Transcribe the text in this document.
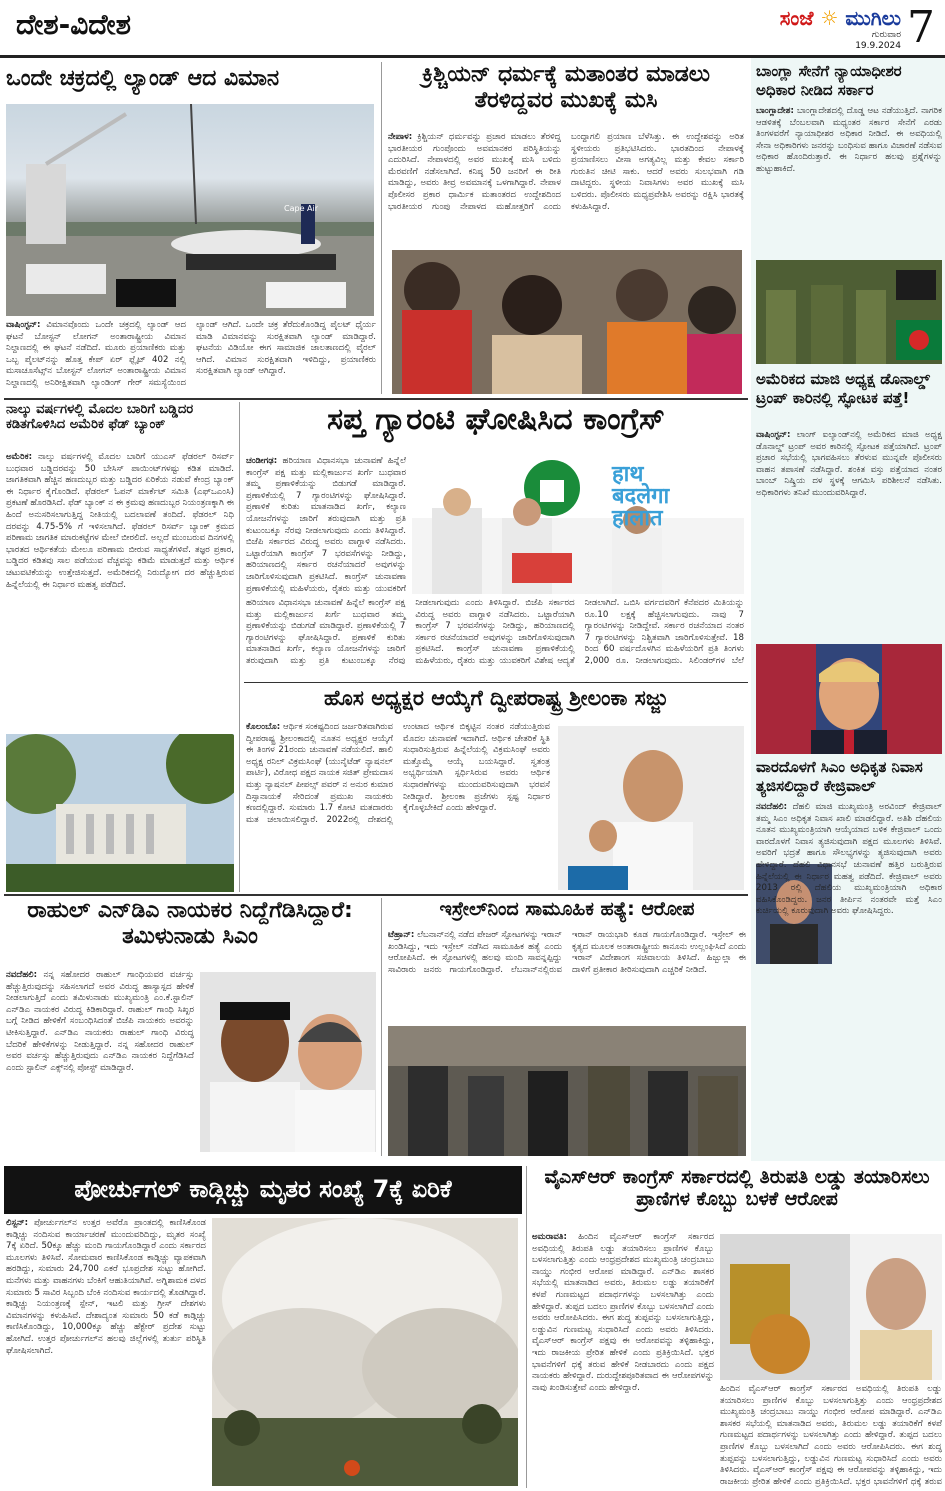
ದೇಶ-ವಿದೇಶ	ಸಂಜೆ ☼ ಮುಗಿಲು
ಗುರುವಾರ
19.9.2024 7
ಒಂದೇ ಚಕ್ರದಲ್ಲಿ ಲ್ಯಾಂಡ್ ಆದ ವಿಮಾನ
Cape Air
ವಾಷಿಂಗ್ಟನ್: ವಿಮಾನವೊಂದು ಒಂದೇ ಚಕ್ರದಲ್ಲಿ ಲ್ಯಾಂಡ್ ಆದ ಘಟನೆ ಬೋಸ್ಟನ್ ಲೋಗನ್ ಅಂತಾರಾಷ್ಟ್ರೀಯ ವಿಮಾನ ನಿಲ್ದಾಣದಲ್ಲಿ ಈ ಘಟನೆ ನಡೆದಿದೆ. ಮೂರು ಪ್ರಯಾಣಿಕರು ಮತ್ತು ಒಬ್ಬ ಪೈಲಟ್‌ನನ್ನು ಹೊತ್ತ ಕೇಪ್ ಏರ್ ಫ್ಲೈಟ್ 402 ನಲ್ಲಿ ಮಸಾಚೂಸೆಟ್ಸ್‌ನ ಬೋಸ್ಟನ್ ಲೋಗನ್ ಅಂತಾರಾಷ್ಟ್ರೀಯ ವಿಮಾನ ನಿಲ್ದಾಣದಲ್ಲಿ ಅನಿರೀಕ್ಷಿತವಾಗಿ ಲ್ಯಾಂಡಿಂಗ್ ಗೇರ್ ಸಮಸ್ಯೆಯಿಂದ ಲ್ಯಾಂಡ್ ಆಗಿದೆ. ಒಂದೇ ಚಕ್ರ ತೆರೆದುಕೊಂಡಿದ್ದ ಪೈಲಟ್ ಧೈರ್ಯ ಮಾಡಿ ವಿಮಾನವನ್ನು ಸುರಕ್ಷಿತವಾಗಿ ಲ್ಯಾಂಡ್ ಮಾಡಿದ್ದಾರೆ. ಘಟನೆಯ ವಿಡಿಯೋ ಈಗ ಸಾಮಾಜಿಕ ಜಾಲತಾಣದಲ್ಲಿ ವೈರಲ್ ಆಗಿದೆ. ವಿಮಾನ ಸುರಕ್ಷಿತವಾಗಿ ಇಳಿದಿದ್ದು, ಪ್ರಯಾಣಿಕರು ಸುರಕ್ಷಿತವಾಗಿ ಲ್ಯಾಂಡ್ ಆಗಿದ್ದಾರೆ.
ಕ್ರಿಶ್ಚಿಯನ್ ಧರ್ಮಕ್ಕೆ ಮತಾಂತರ ಮಾಡಲು ತೆರಳಿದ್ದವರ ಮುಖಕ್ಕೆ ಮಸಿ
ನೇಪಾಳ: ಕ್ರಿಶ್ಚಿಯನ್ ಧರ್ಮವನ್ನು ಪ್ರಚಾರ ಮಾಡಲು ತೆರಳಿದ್ದ ಭಾರತೀಯರ ಗುಂಪೊಂದು ಅವಮಾನಕರ ಪರಿಸ್ಥಿತಿಯನ್ನು ಎದುರಿಸಿದೆ. ನೇಪಾಳದಲ್ಲಿ ಅವರ ಮುಖಕ್ಕೆ ಮಸಿ ಬಳಿದು ಮೆರವಣಿಗೆ ನಡೆಸಲಾಗಿದೆ. ಕನಿಷ್ಠ 50 ಜನರಿಗೆ ಈ ರೀತಿ ಮಾಡಿದ್ದು, ಅವರು ತೀವ್ರ ಅವಮಾನಕ್ಕೆ ಒಳಗಾಗಿದ್ದಾರೆ. ನೇಪಾಳ ಪೊಲೀಸರ ಪ್ರಕಾರ ಧಾರ್ಮಿಕ ಮತಾಂತರದ ಉದ್ದೇಶದಿಂದ ಭಾರತೀಯರ ಗುಂಪು ನೇಪಾಳದ ಮಹೋತ್ತರಿಗೆ ಎಂದು ಬಂದ್ದಾಗಲಿ ಪ್ರಯಾಣ ಬೆಳೆಸಿತ್ತು. ಈ ಉದ್ದೇಶವನ್ನು ಅರಿತ ಸ್ಥಳೀಯರು ಪ್ರತಿಭಟಿಸಿದರು. ಭಾರತದಿಂದ ನೇಪಾಳಕ್ಕೆ ಪ್ರಯಾಣಿಸಲು ವೀಸಾ ಅಗತ್ಯವಿಲ್ಲ ಮತ್ತು ಕೇವಲ ಸರ್ಕಾರಿ ಗುರುತಿನ ಚೀಟಿ ಸಾಕು. ಆದರೆ ಅವರು ಸುಲಭವಾಗಿ ಗಡಿ ದಾಟಿದ್ದರು. ಸ್ಥಳೀಯ ನಿವಾಸಿಗಳು ಅವರ ಮುಖಕ್ಕೆ ಮಸಿ ಬಳಿದರು. ಪೊಲೀಸರು ಮಧ್ಯಪ್ರವೇಶಿಸಿ ಅವರನ್ನು ರಕ್ಷಿಸಿ ಭಾರತಕ್ಕೆ ಕಳುಹಿಸಿದ್ದಾರೆ.
ಬಾಂಗ್ಲಾ ಸೇನೆಗೆ ನ್ಯಾಯಾಧೀಶರ ಅಧಿಕಾರ ನೀಡಿದ ಸರ್ಕಾರ
ಬಾಂಗ್ಲಾದೇಶ: ಬಾಂಗ್ಲಾದೇಶದಲ್ಲಿ ದೊಡ್ಡ ಆಟ ನಡೆಯುತ್ತಿದೆ. ನಾಗರಿಕ ಆಡಳಿತಕ್ಕೆ ಬೆಂಬಲವಾಗಿ ಮಧ್ಯಂತರ ಸರ್ಕಾರ ಸೇನೆಗೆ ಎರಡು ತಿಂಗಳವರೆಗೆ ನ್ಯಾಯಾಧೀಶರ ಅಧಿಕಾರ ನೀಡಿದೆ. ಈ ಅವಧಿಯಲ್ಲಿ ಸೇನಾ ಅಧಿಕಾರಿಗಳು ಜನರನ್ನು ಬಂಧಿಸುವ ಹಾಗೂ ವಿಚಾರಣೆ ನಡೆಸುವ ಅಧಿಕಾರ ಹೊಂದಿರುತ್ತಾರೆ. ಈ ನಿರ್ಧಾರ ಹಲವು ಪ್ರಶ್ನೆಗಳನ್ನು ಹುಟ್ಟುಹಾಕಿದೆ.
ಅಮೆರಿಕದ ಮಾಜಿ ಅಧ್ಯಕ್ಷ ಡೊನಾಲ್ಡ್ ಟ್ರಂಪ್ ಕಾರಿನಲ್ಲಿ ಸ್ಫೋಟಕ ಪತ್ತೆ!
ವಾಷಿಂಗ್ಟನ್: ಲಾಂಗ್ ಐಲ್ಯಾಂಡ್‌ನಲ್ಲಿ ಅಮೆರಿಕದ ಮಾಜಿ ಅಧ್ಯಕ್ಷ ಡೊನಾಲ್ಡ್ ಟ್ರಂಪ್ ಅವರ ಕಾರಿನಲ್ಲಿ ಸ್ಫೋಟಕ ಪತ್ತೆಯಾಗಿದೆ. ಟ್ರಂಪ್ ಪ್ರಚಾರ ಸಭೆಯಲ್ಲಿ ಭಾಗವಹಿಸಲು ತೆರಳುವ ಮುನ್ನವೇ ಪೊಲೀಸರು ವಾಹನ ತಪಾಸಣೆ ನಡೆಸಿದ್ದಾರೆ. ಶಂಕಿತ ವಸ್ತು ಪತ್ತೆಯಾದ ನಂತರ ಬಾಂಬ್ ನಿಷ್ಕ್ರಿಯ ದಳ ಸ್ಥಳಕ್ಕೆ ಆಗಮಿಸಿ ಪರಿಶೀಲನೆ ನಡೆಸಿತು. ಅಧಿಕಾರಿಗಳು ತನಿಖೆ ಮುಂದುವರಿಸಿದ್ದಾರೆ.
ವಾರದೊಳಗೆ ಸಿಎಂ ಅಧಿಕೃತ ನಿವಾಸ ತ್ಯಜಿಸಲಿದ್ದಾರೆ ಕೇಜ್ರಿವಾಲ್
ನವದೆಹಲಿ: ದೆಹಲಿ ಮಾಜಿ ಮುಖ್ಯಮಂತ್ರಿ ಅರವಿಂದ್ ಕೇಜ್ರಿವಾಲ್ ತಮ್ಮ ಸಿಎಂ ಅಧಿಕೃತ ನಿವಾಸ ಖಾಲಿ ಮಾಡಲಿದ್ದಾರೆ. ಅತಿಶಿ ದೆಹಲಿಯ ನೂತನ ಮುಖ್ಯಮಂತ್ರಿಯಾಗಿ ಆಯ್ಕೆಯಾದ ಬಳಿಕ ಕೇಜ್ರಿವಾಲ್ ಒಂದು ವಾರದೊಳಗೆ ನಿವಾಸ ತ್ಯಜಿಸುವುದಾಗಿ ಪಕ್ಷದ ಮೂಲಗಳು ತಿಳಿಸಿವೆ. ಅವರಿಗೆ ಭದ್ರತೆ ಹಾಗೂ ಸೌಲಭ್ಯಗಳನ್ನು ತ್ಯಜಿಸುವುದಾಗಿ ಅವರು ಹೇಳಿದ್ದಾರೆ. ದೆಹಲಿ ವಿಧಾನಸಭೆ ಚುನಾವಣೆ ಹತ್ತಿರ ಬರುತ್ತಿರುವ ಹಿನ್ನೆಲೆಯಲ್ಲಿ ಈ ನಿರ್ಧಾರ ಮಹತ್ವ ಪಡೆದಿದೆ. ಕೇಜ್ರಿವಾಲ್ ಅವರು 2013 ರಲ್ಲಿ ದೆಹಲಿಯ ಮುಖ್ಯಮಂತ್ರಿಯಾಗಿ ಅಧಿಕಾರ ವಹಿಸಿಕೊಂಡಿದ್ದರು. ಜನರ ತೀರ್ಪಿನ ನಂತರವೇ ಮತ್ತೆ ಸಿಎಂ ಕುರ್ಚಿಯಲ್ಲಿ ಕೂರುವುದಾಗಿ ಅವರು ಘೋಷಿಸಿದ್ದರು.
ನಾಲ್ಕು ವರ್ಷಗಳಲ್ಲಿ ಮೊದಲ ಬಾರಿಗೆ ಬಡ್ಡಿದರ ಕಡಿತಗೊಳಿಸಿದ ಅಮೆರಿಕ ಫೆಡ್ ಬ್ಯಾಂಕ್
ಅಮೆರಿಕ: ನಾಲ್ಕು ವರ್ಷಗಳಲ್ಲಿ ಮೊದಲ ಬಾರಿಗೆ ಯುಎಸ್ ಫೆಡರಲ್ ರಿಸರ್ವ್ ಬುಧವಾರ ಬಡ್ಡಿದರವನ್ನು 50 ಬೇಸಿಸ್ ಪಾಯಿಂಟ್‌ಗಳಷ್ಟು ಕಡಿತ ಮಾಡಿದೆ. ಜಾಗತಿಕವಾಗಿ ಹೆಚ್ಚಿನ ಹಣದುಬ್ಬರ ಮತ್ತು ಬಡ್ಡಿದರ ಏರಿಕೆಯ ನಡುವೆ ಕೇಂದ್ರ ಬ್ಯಾಂಕ್ ಈ ನಿರ್ಧಾರ ಕೈಗೊಂಡಿದೆ. ಫೆಡರಲ್ ಓಪನ್ ಮಾರ್ಕೆಟ್ ಸಮಿತಿ (ಎಫ್‌ಒಎಂಸಿ) ಪ್ರಕಟಣೆ ಹೊರಡಿಸಿದೆ. ಫೆಡ್ ಬ್ಯಾಂಕ್ ನ ಈ ಕ್ರಮವು ಹಣದುಬ್ಬರ ನಿಯಂತ್ರಣಕ್ಕಾಗಿ ಈ ಹಿಂದೆ ಅನುಸರಿಸಲಾಗುತ್ತಿದ್ದ ನೀತಿಯಲ್ಲಿ ಬದಲಾವಣೆ ತಂದಿದೆ. ಫೆಡರಲ್ ನಿಧಿ ದರವನ್ನು 4.75-5% ಗೆ ಇಳಿಸಲಾಗಿದೆ. ಫೆಡರಲ್ ರಿಸರ್ವ್ ಬ್ಯಾಂಕ್ ಕ್ರಮದ ಪರಿಣಾಮ ಜಾಗತಿಕ ಮಾರುಕಟ್ಟೆಗಳ ಮೇಲೆ ಬೀರಲಿದೆ. ಅಲ್ಲದೆ ಮುಂಬರುವ ದಿನಗಳಲ್ಲಿ ಭಾರತದ ಆರ್ಥಿಕತೆಯ ಮೇಲೂ ಪರಿಣಾಮ ಬೀರುವ ಸಾಧ್ಯತೆಗಳಿವೆ. ತಜ್ಞರ ಪ್ರಕಾರ, ಬಡ್ಡಿದರ ಕಡಿತವು ಸಾಲ ಪಡೆಯುವ ವೆಚ್ಚವನ್ನು ಕಡಿಮೆ ಮಾಡುತ್ತದೆ ಮತ್ತು ಆರ್ಥಿಕ ಚಟುವಟಿಕೆಯನ್ನು ಉತ್ತೇಜಿಸುತ್ತದೆ. ಅಮೆರಿಕದಲ್ಲಿ ನಿರುದ್ಯೋಗ ದರ ಹೆಚ್ಚುತ್ತಿರುವ ಹಿನ್ನೆಲೆಯಲ್ಲಿ ಈ ನಿರ್ಧಾರ ಮಹತ್ವ ಪಡೆದಿದೆ.
ಸಪ್ತ ಗ್ಯಾರಂಟಿ ಘೋಷಿಸಿದ ಕಾಂಗ್ರೆಸ್
ಚಂಡೀಗಢ: ಹರಿಯಾಣ ವಿಧಾನಸಭಾ ಚುನಾವಣೆ ಹಿನ್ನೆಲೆ ಕಾಂಗ್ರೆಸ್ ಪಕ್ಷ ಮತ್ತು ಮಲ್ಲಿಕಾರ್ಜುನ ಖರ್ಗೆ ಬುಧವಾರ ತಮ್ಮ ಪ್ರಣಾಳಿಕೆಯನ್ನು ಬಿಡುಗಡೆ ಮಾಡಿದ್ದಾರೆ. ಪ್ರಣಾಳಿಕೆಯಲ್ಲಿ 7 ಗ್ಯಾರಂಟಿಗಳನ್ನು ಘೋಷಿಸಿದ್ದಾರೆ. ಪ್ರಣಾಳಿಕೆ ಕುರಿತು ಮಾತನಾಡಿದ ಖರ್ಗೆ, ಕಲ್ಯಾಣ ಯೋಜನೆಗಳನ್ನು ಜಾರಿಗೆ ತರುವುದಾಗಿ ಮತ್ತು ಪ್ರತಿ ಕುಟುಂಬಕ್ಕೂ ನೆರವು ನೀಡಲಾಗುವುದು ಎಂದು ತಿಳಿಸಿದ್ದಾರೆ. ಬಿಜೆಪಿ ಸರ್ಕಾರದ ವಿರುದ್ಧ ಅವರು ವಾಗ್ದಾಳಿ ನಡೆಸಿದರು. ಒಟ್ಟಾರೆಯಾಗಿ ಕಾಂಗ್ರೆಸ್ 7 ಭರವಸೆಗಳನ್ನು ನೀಡಿದ್ದು, ಹರಿಯಾಣದಲ್ಲಿ ಸರ್ಕಾರ ರಚನೆಯಾದರೆ ಅವುಗಳನ್ನು ಜಾರಿಗೊಳಿಸುವುದಾಗಿ ಪ್ರಕಟಿಸಿದೆ. ಕಾಂಗ್ರೆಸ್ ಚುನಾವಣಾ ಪ್ರಣಾಳಿಕೆಯಲ್ಲಿ ಮಹಿಳೆಯರು, ರೈತರು ಮತ್ತು ಯುವಕರಿಗೆ
हाथ
बदलेगा
हालात
ಹರಿಯಾಣ ವಿಧಾನಸಭಾ ಚುನಾವಣೆ ಹಿನ್ನೆಲೆ ಕಾಂಗ್ರೆಸ್ ಪಕ್ಷ ಮತ್ತು ಮಲ್ಲಿಕಾರ್ಜುನ ಖರ್ಗೆ ಬುಧವಾರ ತಮ್ಮ ಪ್ರಣಾಳಿಕೆಯನ್ನು ಬಿಡುಗಡೆ ಮಾಡಿದ್ದಾರೆ. ಪ್ರಣಾಳಿಕೆಯಲ್ಲಿ 7 ಗ್ಯಾರಂಟಿಗಳನ್ನು ಘೋಷಿಸಿದ್ದಾರೆ. ಪ್ರಣಾಳಿಕೆ ಕುರಿತು ಮಾತನಾಡಿದ ಖರ್ಗೆ, ಕಲ್ಯಾಣ ಯೋಜನೆಗಳನ್ನು ಜಾರಿಗೆ ತರುವುದಾಗಿ ಮತ್ತು ಪ್ರತಿ ಕುಟುಂಬಕ್ಕೂ ನೆರವು ನೀಡಲಾಗುವುದು ಎಂದು ತಿಳಿಸಿದ್ದಾರೆ. ಬಿಜೆಪಿ ಸರ್ಕಾರದ ವಿರುದ್ಧ ಅವರು ವಾಗ್ದಾಳಿ ನಡೆಸಿದರು. ಒಟ್ಟಾರೆಯಾಗಿ ಕಾಂಗ್ರೆಸ್ 7 ಭರವಸೆಗಳನ್ನು ನೀಡಿದ್ದು, ಹರಿಯಾಣದಲ್ಲಿ ಸರ್ಕಾರ ರಚನೆಯಾದರೆ ಅವುಗಳನ್ನು ಜಾರಿಗೊಳಿಸುವುದಾಗಿ ಪ್ರಕಟಿಸಿದೆ. ಕಾಂಗ್ರೆಸ್ ಚುನಾವಣಾ ಪ್ರಣಾಳಿಕೆಯಲ್ಲಿ ಮಹಿಳೆಯರು, ರೈತರು ಮತ್ತು ಯುವಕರಿಗೆ ವಿಶೇಷ ಆದ್ಯತೆ ನೀಡಲಾಗಿದೆ. ಒಬಿಸಿ ವರ್ಗದವರಿಗೆ ಕೆನೆಪದರ ಮಿತಿಯನ್ನು ರೂ.10 ಲಕ್ಷಕ್ಕೆ ಹೆಚ್ಚಿಸಲಾಗುವುದು. ನಾವು 7 ಗ್ಯಾರಂಟಿಗಳನ್ನು ನೀಡಿದ್ದೇವೆ. ಸರ್ಕಾರ ರಚನೆಯಾದ ನಂತರ 7 ಗ್ಯಾರಂಟಿಗಳನ್ನು ನಿಶ್ಚಿತವಾಗಿ ಜಾರಿಗೊಳಿಸುತ್ತೇವೆ. 18 ರಿಂದ 60 ವರ್ಷದೊಳಗಿನ ಮಹಿಳೆಯರಿಗೆ ಪ್ರತಿ ತಿಂಗಳು 2,000 ರೂ. ನೀಡಲಾಗುವುದು. ಸಿಲಿಂಡರ್‌ಗಳ ಬೆಲೆ
ಹೊಸ ಅಧ್ಯಕ್ಷರ ಆಯ್ಕೆಗೆ ದ್ವೀಪರಾಷ್ಟ್ರ ಶ್ರೀಲಂಕಾ ಸಜ್ಜು
ಕೊಲಂಬೊ: ಆರ್ಥಿಕ ಸಂಕಷ್ಟದಿಂದ ಜರ್ಜರಿತವಾಗಿರುವ ದ್ವೀಪರಾಷ್ಟ್ರ ಶ್ರೀಲಂಕಾದಲ್ಲಿ ನೂತನ ಅಧ್ಯಕ್ಷರ ಆಯ್ಕೆಗೆ ಈ ತಿಂಗಳ 21ರಂದು ಚುನಾವಣೆ ನಡೆಯಲಿದೆ. ಹಾಲಿ ಅಧ್ಯಕ್ಷ ರನಿಲ್ ವಿಕ್ರಮಸಿಂಘೆ (ಯುನೈಟೆಡ್ ನ್ಯಾಷನಲ್ ಪಾರ್ಟಿ), ವಿರೋಧ ಪಕ್ಷದ ನಾಯಕ ಸಜಿತ್ ಪ್ರೇಮದಾಸ ಮತ್ತು ನ್ಯಾಷನಲ್ ಪೀಪಲ್ಸ್ ಪವರ್ ನ ಅನುರ ಕುಮಾರ ದಿಸ್ಸಾನಾಯಕೆ ಸೇರಿದಂತೆ ಪ್ರಮುಖ ನಾಯಕರು ಕಣದಲ್ಲಿದ್ದಾರೆ. ಸುಮಾರು 1.7 ಕೋಟಿ ಮತದಾರರು ಮತ ಚಲಾಯಿಸಲಿದ್ದಾರೆ. 2022ರಲ್ಲಿ ದೇಶದಲ್ಲಿ ಉಂಟಾದ ಆರ್ಥಿಕ ಬಿಕ್ಕಟ್ಟಿನ ನಂತರ ನಡೆಯುತ್ತಿರುವ ಮೊದಲ ಚುನಾವಣೆ ಇದಾಗಿದೆ. ಆರ್ಥಿಕ ಚೇತರಿಕೆ ಸ್ಥಿತಿ ಸುಧಾರಿಸುತ್ತಿರುವ ಹಿನ್ನೆಲೆಯಲ್ಲಿ ವಿಕ್ರಮಸಿಂಘೆ ಅವರು ಮತ್ತೊಮ್ಮೆ ಆಯ್ಕೆ ಬಯಸಿದ್ದಾರೆ. ಸ್ವತಂತ್ರ ಅಭ್ಯರ್ಥಿಯಾಗಿ ಸ್ಪರ್ಧಿಸಿರುವ ಅವರು ಆರ್ಥಿಕ ಸುಧಾರಣೆಗಳನ್ನು ಮುಂದುವರಿಸುವುದಾಗಿ ಭರವಸೆ ನೀಡಿದ್ದಾರೆ. ಶ್ರೀಲಂಕಾ ಪ್ರಜೆಗಳು ಸ್ಪಷ್ಟ ನಿರ್ಧಾರ ಕೈಗೊಳ್ಳಬೇಕಿದೆ ಎಂದು ಹೇಳಿದ್ದಾರೆ.
ರಾಹುಲ್ ಎನ್‌ಡಿಎ ನಾಯಕರ ನಿದ್ದೆಗೆಡಿಸಿದ್ದಾರೆ: ತಮಿಳುನಾಡು ಸಿಎಂ
ನವದೆಹಲಿ: ನನ್ನ ಸಹೋದರ ರಾಹುಲ್ ಗಾಂಧಿಯವರ ವರ್ಚಸ್ಸು ಹೆಚ್ಚುತ್ತಿರುವುದನ್ನು ಸಹಿಸಲಾಗದೆ ಅವರ ವಿರುದ್ಧ ಹಾಸ್ಯಾಸ್ಪದ ಹೇಳಿಕೆ ನೀಡಲಾಗುತ್ತಿದೆ ಎಂದು ತಮಿಳುನಾಡು ಮುಖ್ಯಮಂತ್ರಿ ಎಂ.ಕೆ.ಸ್ಟಾಲಿನ್ ಎನ್‌ಡಿಎ ನಾಯಕರ ವಿರುದ್ಧ ಕಿಡಿಕಾರಿದ್ದಾರೆ. ರಾಹುಲ್ ಗಾಂಧಿ ಸಿಖ್ಖರ ಬಗ್ಗೆ ನೀಡಿದ ಹೇಳಿಕೆಗೆ ಸಂಬಂಧಿಸಿದಂತೆ ಬಿಜೆಪಿ ನಾಯಕರು ಅವರನ್ನು ಟೀಕಿಸುತ್ತಿದ್ದಾರೆ. ಎನ್‌ಡಿಎ ನಾಯಕರು ರಾಹುಲ್ ಗಾಂಧಿ ವಿರುದ್ಧ ಬೆದರಿಕೆ ಹೇಳಿಕೆಗಳನ್ನು ನೀಡುತ್ತಿದ್ದಾರೆ. ನನ್ನ ಸಹೋದರ ರಾಹುಲ್ ಅವರ ವರ್ಚಸ್ಸು ಹೆಚ್ಚುತ್ತಿರುವುದು ಎನ್‌ಡಿಎ ನಾಯಕರ ನಿದ್ದೆಗೆಡಿಸಿದೆ ಎಂದು ಸ್ಟಾಲಿನ್ ಎಕ್ಸ್‌ನಲ್ಲಿ ಪೋಸ್ಟ್ ಮಾಡಿದ್ದಾರೆ.
ಇಸ್ರೇಲ್‌ನಿಂದ ಸಾಮೂಹಿಕ ಹತ್ಯೆ: ಆರೋಪ
ಟೆಹ್ರಾನ್: ಲೆಬನಾನ್‌ನಲ್ಲಿ ನಡೆದ ಪೇಜರ್ ಸ್ಫೋಟಗಳನ್ನು ಇರಾನ್ ಖಂಡಿಸಿದ್ದು, ಇದು ಇಸ್ರೇಲ್ ನಡೆಸಿದ ಸಾಮೂಹಿಕ ಹತ್ಯೆ ಎಂದು ಆರೋಪಿಸಿದೆ. ಈ ಸ್ಫೋಟಗಳಲ್ಲಿ ಹಲವು ಮಂದಿ ಸಾವನ್ನಪ್ಪಿದ್ದು ಸಾವಿರಾರು ಜನರು ಗಾಯಗೊಂಡಿದ್ದಾರೆ. ಲೆಬನಾನ್‌ನಲ್ಲಿರುವ ಇರಾನ್ ರಾಯಭಾರಿ ಕೂಡ ಗಾಯಗೊಂಡಿದ್ದಾರೆ. ಇಸ್ರೇಲ್ ಈ ಕೃತ್ಯದ ಮೂಲಕ ಅಂತಾರಾಷ್ಟ್ರೀಯ ಕಾನೂನು ಉಲ್ಲಂಘಿಸಿದೆ ಎಂದು ಇರಾನ್ ವಿದೇಶಾಂಗ ಸಚಿವಾಲಯ ತಿಳಿಸಿದೆ. ಹಿಜ್ಬುಲ್ಲಾ ಈ ದಾಳಿಗೆ ಪ್ರತೀಕಾರ ತೀರಿಸುವುದಾಗಿ ಎಚ್ಚರಿಕೆ ನೀಡಿದೆ.
ಪೋರ್ಚುಗಲ್ ಕಾಡ್ಗಿಚ್ಚು ಮೃತರ ಸಂಖ್ಯೆ 7ಕ್ಕೆ ಏರಿಕೆ
ಲಿಸ್ಬನ್: ಪೋರ್ಚುಗಲ್‌ನ ಉತ್ತರ ಅವೆರೊ ಪ್ರಾಂತದಲ್ಲಿ ಕಾಣಿಸಿಕೊಂಡ ಕಾಡ್ಗಿಚ್ಚು ನಂದಿಸುವ ಕಾರ್ಯಾಚರಣೆ ಮುಂದುವರಿದಿದ್ದು, ಮೃತರ ಸಂಖ್ಯೆ 7ಕ್ಕೆ ಏರಿದೆ. 50ಕ್ಕೂ ಹೆಚ್ಚು ಮಂದಿ ಗಾಯಗೊಂಡಿದ್ದಾರೆ ಎಂದು ಸರ್ಕಾರದ ಮೂಲಗಳು ತಿಳಿಸಿವೆ. ಸೋಮವಾರ ಕಾಣಿಸಿಕೊಂಡ ಕಾಡ್ಗಿಚ್ಚು ವ್ಯಾಪಕವಾಗಿ ಹರಡಿದ್ದು, ಸುಮಾರು 24,700 ಎಕರೆ ಭೂಪ್ರದೇಶ ಸುಟ್ಟು ಹೋಗಿದೆ. ಮನೆಗಳು ಮತ್ತು ವಾಹನಗಳು ಬೆಂಕಿಗೆ ಆಹುತಿಯಾಗಿವೆ. ಅಗ್ನಿಶಾಮಕ ದಳದ ಸುಮಾರು 5 ಸಾವಿರ ಸಿಬ್ಬಂದಿ ಬೆಂಕಿ ನಂದಿಸುವ ಕಾರ್ಯದಲ್ಲಿ ತೊಡಗಿದ್ದಾರೆ. ಕಾಡ್ಗಿಚ್ಚು ನಿಯಂತ್ರಣಕ್ಕೆ ಸ್ಪೇನ್, ಇಟಲಿ ಮತ್ತು ಗ್ರೀಸ್ ದೇಶಗಳು ವಿಮಾನಗಳನ್ನು ಕಳುಹಿಸಿವೆ. ದೇಶಾದ್ಯಂತ ಸುಮಾರು 50 ಕಡೆ ಕಾಡ್ಗಿಚ್ಚು ಕಾಣಿಸಿಕೊಂಡಿದ್ದು, 10,000ಕ್ಕೂ ಹೆಚ್ಚು ಹೆಕ್ಟೇರ್ ಪ್ರದೇಶ ಸುಟ್ಟು ಹೋಗಿದೆ. ಉತ್ತರ ಪೋರ್ಚುಗಲ್‌ನ ಹಲವು ಜಿಲ್ಲೆಗಳಲ್ಲಿ ತುರ್ತು ಪರಿಸ್ಥಿತಿ ಘೋಷಿಸಲಾಗಿದೆ.
ವೈಎಸ್‌ಆರ್ ಕಾಂಗ್ರೆಸ್ ಸರ್ಕಾರದಲ್ಲಿ ತಿರುಪತಿ ಲಡ್ಡು ತಯಾರಿಸಲು ಪ್ರಾಣಿಗಳ ಕೊಬ್ಬು ಬಳಕೆ ಆರೋಪ
ಅಮರಾವತಿ: ಹಿಂದಿನ ವೈಎಸ್‌ಆರ್ ಕಾಂಗ್ರೆಸ್ ಸರ್ಕಾರದ ಅವಧಿಯಲ್ಲಿ ತಿರುಪತಿ ಲಡ್ಡು ತಯಾರಿಸಲು ಪ್ರಾಣಿಗಳ ಕೊಬ್ಬು ಬಳಸಲಾಗುತ್ತಿತ್ತು ಎಂದು ಆಂಧ್ರಪ್ರದೇಶದ ಮುಖ್ಯಮಂತ್ರಿ ಚಂದ್ರಬಾಬು ನಾಯ್ಡು ಗಂಭೀರ ಆರೋಪ ಮಾಡಿದ್ದಾರೆ. ಎನ್‌ಡಿಎ ಶಾಸಕರ ಸಭೆಯಲ್ಲಿ ಮಾತನಾಡಿದ ಅವರು, ತಿರುಮಲ ಲಡ್ಡು ತಯಾರಿಕೆಗೆ ಕಳಪೆ ಗುಣಮಟ್ಟದ ಪದಾರ್ಥಗಳನ್ನು ಬಳಸಲಾಗಿತ್ತು ಎಂದು ಹೇಳಿದ್ದಾರೆ. ತುಪ್ಪದ ಬದಲು ಪ್ರಾಣಿಗಳ ಕೊಬ್ಬು ಬಳಸಲಾಗಿದೆ ಎಂದು ಅವರು ಆರೋಪಿಸಿದರು. ಈಗ ಶುದ್ಧ ತುಪ್ಪವನ್ನು ಬಳಸಲಾಗುತ್ತಿದ್ದು, ಲಡ್ಡುವಿನ ಗುಣಮಟ್ಟ ಸುಧಾರಿಸಿದೆ ಎಂದು ಅವರು ತಿಳಿಸಿದರು. ವೈಎಸ್‌ಆರ್ ಕಾಂಗ್ರೆಸ್ ಪಕ್ಷವು ಈ ಆರೋಪವನ್ನು ತಳ್ಳಿಹಾಕಿದ್ದು, ಇದು ರಾಜಕೀಯ ಪ್ರೇರಿತ ಹೇಳಿಕೆ ಎಂದು ಪ್ರತಿಕ್ರಿಯಿಸಿದೆ. ಭಕ್ತರ ಭಾವನೆಗಳಿಗೆ ಧಕ್ಕೆ ತರುವ ಹೇಳಿಕೆ ನೀಡಬಾರದು ಎಂದು ಪಕ್ಷದ ನಾಯಕರು ಹೇಳಿದ್ದಾರೆ. ದುರುದ್ದೇಶಪೂರಿತವಾದ ಈ ಆರೋಪಗಳನ್ನು ನಾವು ಖಂಡಿಸುತ್ತೇವೆ ಎಂದು ಹೇಳಿದ್ದಾರೆ.	ಹಿಂದಿನ ವೈಎಸ್‌ಆರ್ ಕಾಂಗ್ರೆಸ್ ಸರ್ಕಾರದ ಅವಧಿಯಲ್ಲಿ ತಿರುಪತಿ ಲಡ್ಡು ತಯಾರಿಸಲು ಪ್ರಾಣಿಗಳ ಕೊಬ್ಬು ಬಳಸಲಾಗುತ್ತಿತ್ತು ಎಂದು ಆಂಧ್ರಪ್ರದೇಶದ ಮುಖ್ಯಮಂತ್ರಿ ಚಂದ್ರಬಾಬು ನಾಯ್ಡು ಗಂಭೀರ ಆರೋಪ ಮಾಡಿದ್ದಾರೆ. ಎನ್‌ಡಿಎ ಶಾಸಕರ ಸಭೆಯಲ್ಲಿ ಮಾತನಾಡಿದ ಅವರು, ತಿರುಮಲ ಲಡ್ಡು ತಯಾರಿಕೆಗೆ ಕಳಪೆ ಗುಣಮಟ್ಟದ ಪದಾರ್ಥಗಳನ್ನು ಬಳಸಲಾಗಿತ್ತು ಎಂದು ಹೇಳಿದ್ದಾರೆ. ತುಪ್ಪದ ಬದಲು ಪ್ರಾಣಿಗಳ ಕೊಬ್ಬು ಬಳಸಲಾಗಿದೆ ಎಂದು ಅವರು ಆರೋಪಿಸಿದರು. ಈಗ ಶುದ್ಧ ತುಪ್ಪವನ್ನು ಬಳಸಲಾಗುತ್ತಿದ್ದು, ಲಡ್ಡುವಿನ ಗುಣಮಟ್ಟ ಸುಧಾರಿಸಿದೆ ಎಂದು ಅವರು ತಿಳಿಸಿದರು. ವೈಎಸ್‌ಆರ್ ಕಾಂಗ್ರೆಸ್ ಪಕ್ಷವು ಈ ಆರೋಪವನ್ನು ತಳ್ಳಿಹಾಕಿದ್ದು, ಇದು ರಾಜಕೀಯ ಪ್ರೇರಿತ ಹೇಳಿಕೆ ಎಂದು ಪ್ರತಿಕ್ರಿಯಿಸಿದೆ. ಭಕ್ತರ ಭಾವನೆಗಳಿಗೆ ಧಕ್ಕೆ ತರುವ
